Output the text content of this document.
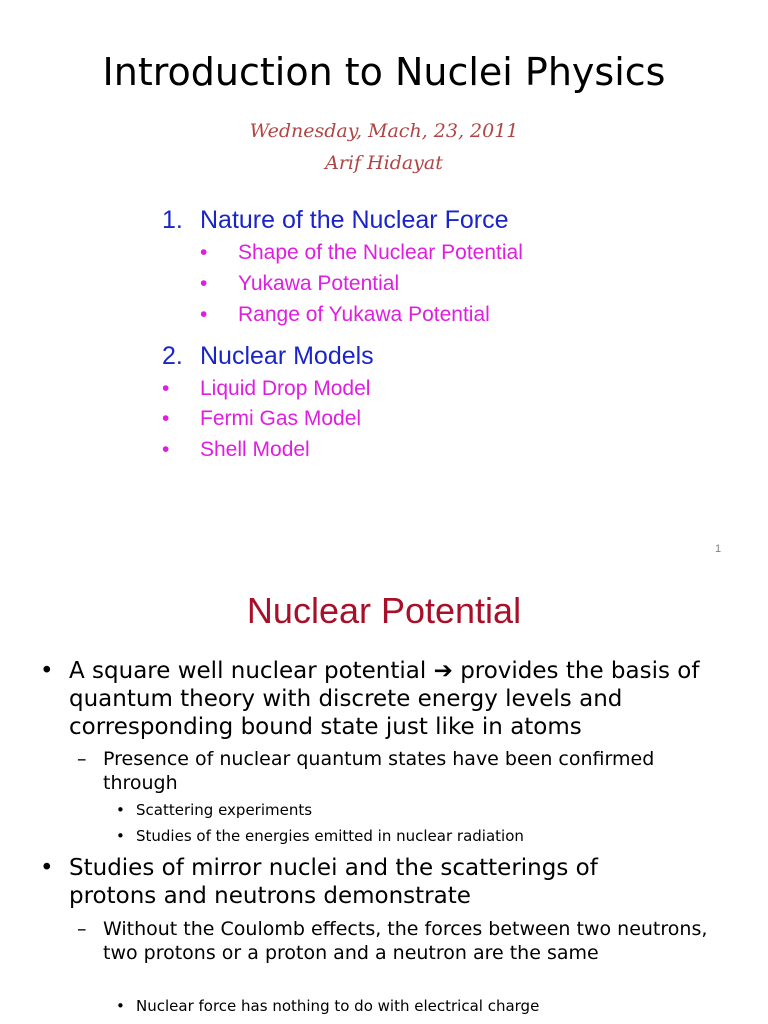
Introduction to Nuclei Physics
Wednesday, Mach, 23, 2011
Arif Hidayat
1. Nature of the Nuclear Force
• Shape of the Nuclear Potential
• Yukawa Potential
• Range of Yukawa Potential
2. Nuclear Models
• Liquid Drop Model
• Fermi Gas Model
• Shell Model
1
Nuclear Potential
• A square well nuclear potential ➔ provides the basis of quantum theory with discrete energy levels and corresponding bound state just like in atoms
– Presence of nuclear quantum states have been confirmed through
• Scattering experiments
• Studies of the energies emitted in nuclear radiation
• Studies of mirror nuclei and the scatterings of protons and neutrons demonstrate
– Without the Coulomb effects, the forces between two neutrons, two protons or a proton and a neutron are the same
• Nuclear force has nothing to do with electrical charge
